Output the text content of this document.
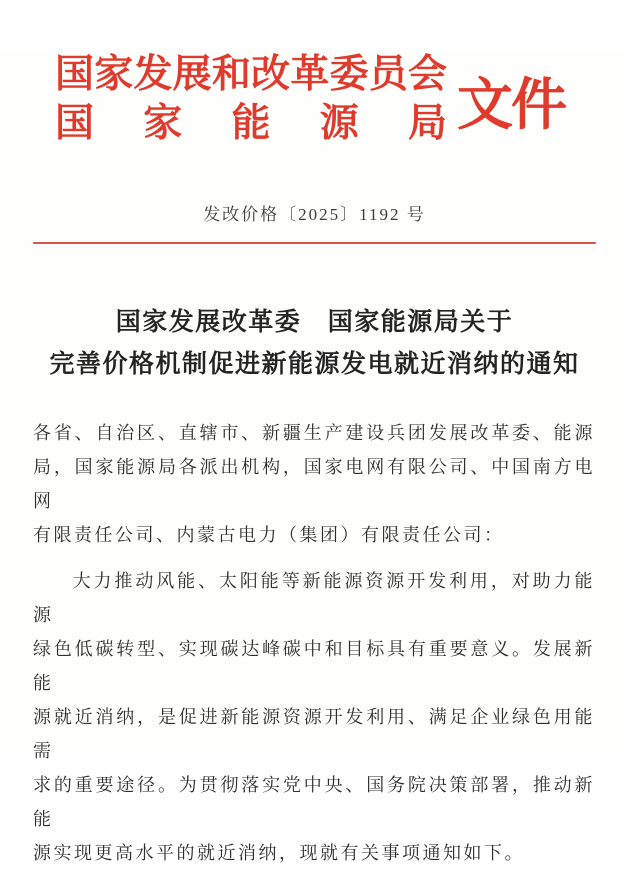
国家发展和改革委员会
国家能源局 文件
发改价格〔2025〕1192 号
国家发展改革委　国家能源局关于
完善价格机制促进新能源发电就近消纳的通知
各省、自治区、直辖市、新疆生产建设兵团发展改革委、能源
局，国家能源局各派出机构，国家电网有限公司、中国南方电网
有限责任公司、内蒙古电力（集团）有限责任公司：
大力推动风能、太阳能等新能源资源开发利用，对助力能源
绿色低碳转型、实现碳达峰碳中和目标具有重要意义。发展新能
源就近消纳，是促进新能源资源开发利用、满足企业绿色用能需
求的重要途径。为贯彻落实党中央、国务院决策部署，推动新能
源实现更高水平的就近消纳，现就有关事项通知如下。
